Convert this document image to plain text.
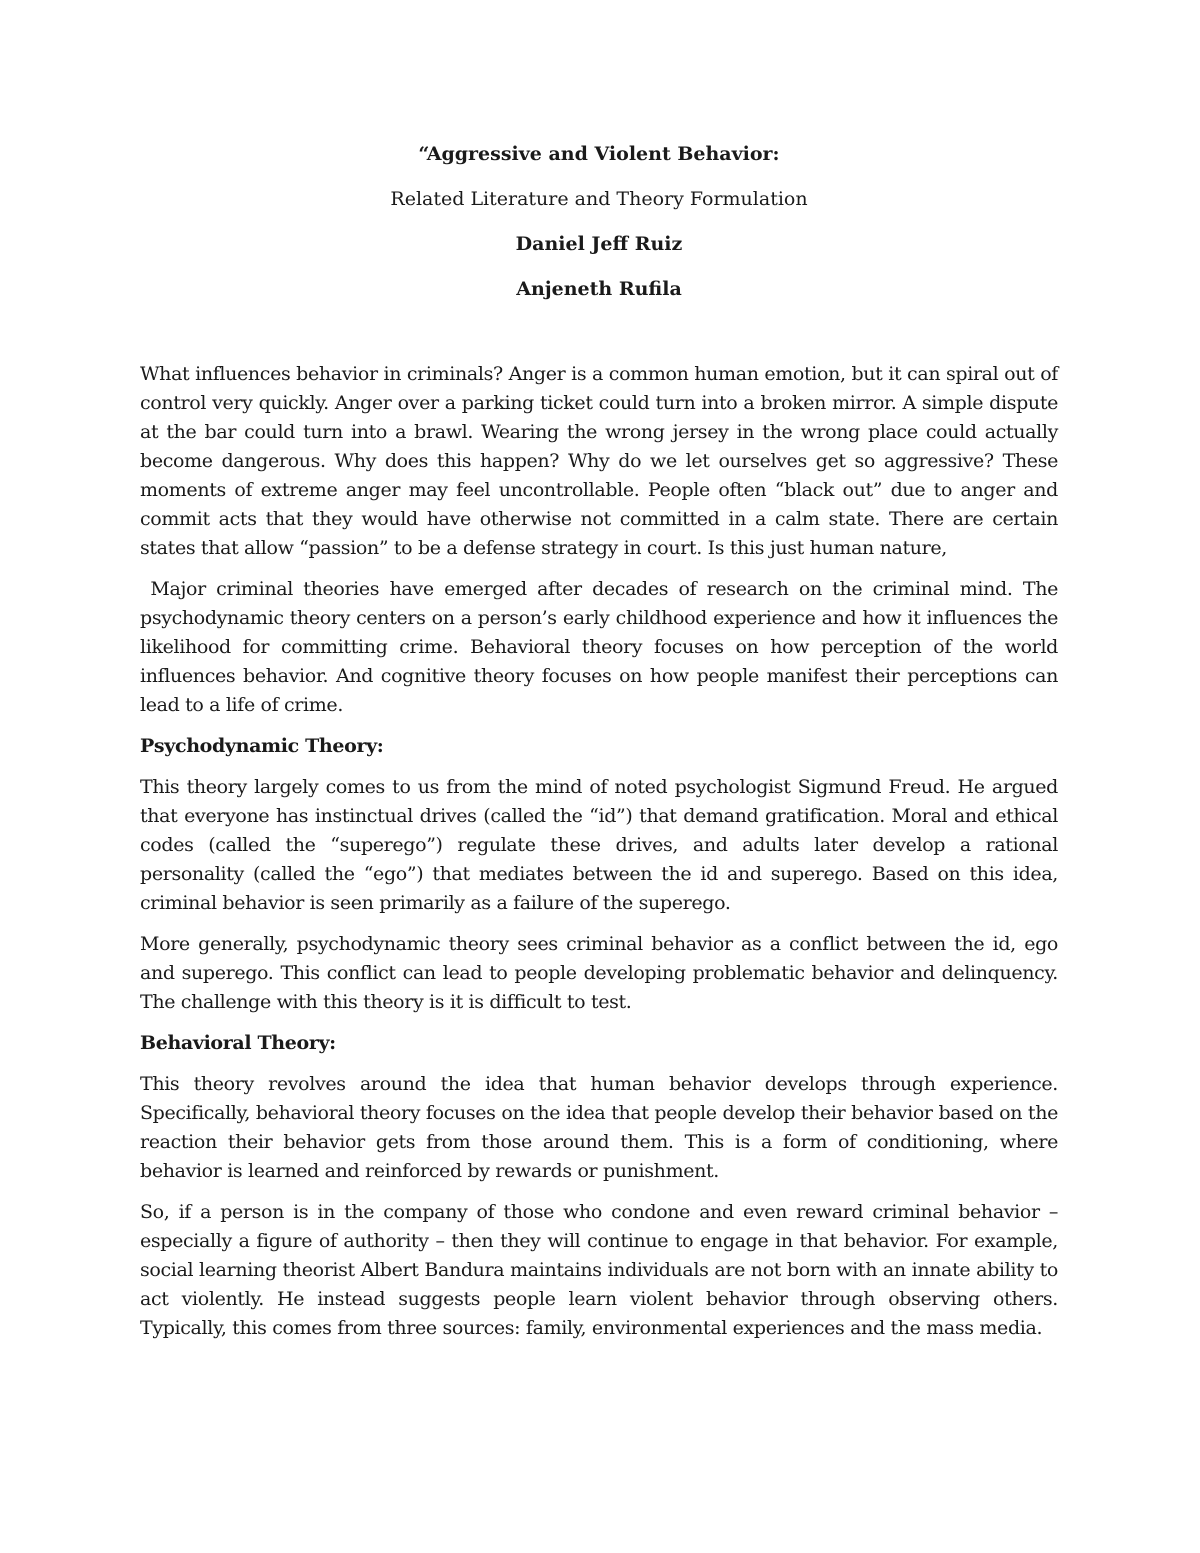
“Aggressive and Violent Behavior:
Related Literature and Theory Formulation
Daniel Jeff Ruiz
Anjeneth Rufila

What influences behavior in criminals? Anger is a common human emotion, but it can spiral out of control very quickly. Anger over a parking ticket could turn into a broken mirror. A simple dispute at the bar could turn into a brawl. Wearing the wrong jersey in the wrong place could actually become dangerous. Why does this happen? Why do we let ourselves get so aggressive? These moments of extreme anger may feel uncontrollable. People often “black out” due to anger and commit acts that they would have otherwise not committed in a calm state. There are certain states that allow “passion” to be a defense strategy in court. Is this just human nature,

Major criminal theories have emerged after decades of research on the criminal mind. The psychodynamic theory centers on a person’s early childhood experience and how it influences the likelihood for committing crime. Behavioral theory focuses on how perception of the world influences behavior. And cognitive theory focuses on how people manifest their perceptions can lead to a life of crime.

Psychodynamic Theory:

This theory largely comes to us from the mind of noted psychologist Sigmund Freud. He argued that everyone has instinctual drives (called the “id”) that demand gratification. Moral and ethical codes (called the “superego”) regulate these drives, and adults later develop a rational personality (called the “ego”) that mediates between the id and superego. Based on this idea, criminal behavior is seen primarily as a failure of the superego.

More generally, psychodynamic theory sees criminal behavior as a conflict between the id, ego and superego. This conflict can lead to people developing problematic behavior and delinquency. The challenge with this theory is it is difficult to test.

Behavioral Theory:

This theory revolves around the idea that human behavior develops through experience. Specifically, behavioral theory focuses on the idea that people develop their behavior based on the reaction their behavior gets from those around them. This is a form of conditioning, where behavior is learned and reinforced by rewards or punishment.

So, if a person is in the company of those who condone and even reward criminal behavior – especially a figure of authority – then they will continue to engage in that behavior. For example, social learning theorist Albert Bandura maintains individuals are not born with an innate ability to act violently. He instead suggests people learn violent behavior through observing others. Typically, this comes from three sources: family, environmental experiences and the mass media.
